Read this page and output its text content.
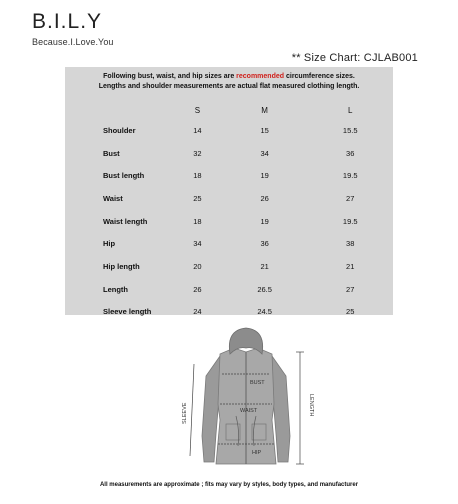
B.I.L.Y
Because.I.Love.You
** Size Chart: CJLAB001
Following bust, waist, and hip sizes are recommended circumference sizes.
Lengths and shoulder measurements are actual flat measured clothing length.
	S	M	L
Shoulder	14	15	15.5
Bust	32	34	36
Bust length	18	19	19.5
Waist	25	26	27
Waist length	18	19	19.5
Hip	34	36	38
Hip length	20	21	21
Length	26	26.5	27
Sleeve length	24	24.5	25
BUST
WAIST
HIP
SLEEVE	LENGTH
All measurements are approximate ; fits may vary by styles, body types, and manufacturer
